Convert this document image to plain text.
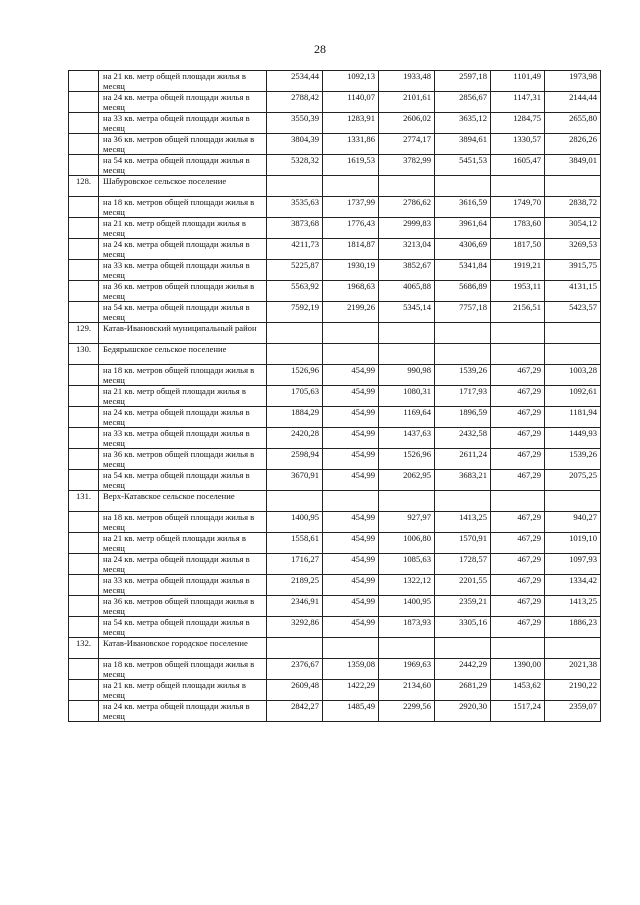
28
	на 21 кв. метр общей площади жилья в месяц	2534,44	1092,13	1933,48	2597,18	1101,49	1973,98
	на 24 кв. метра общей площади жилья в месяц	2788,42	1140,07	2101,61	2856,67	1147,31	2144,44
	на 33 кв. метра общей площади жилья в месяц	3550,39	1283,91	2606,02	3635,12	1284,75	2655,80
	на 36 кв. метров общей площади жилья в месяц	3804,39	1331,86	2774,17	3894,61	1330,57	2826,26
	на 54 кв. метра общей площади жилья в месяц	5328,32	1619,53	3782,99	5451,53	1605,47	3849,01
128.	Шабуровское сельское поселение						
	на 18 кв. метров общей площади жилья в месяц	3535,63	1737,99	2786,62	3616,59	1749,70	2838,72
	на 21 кв. метр общей площади жилья в месяц	3873,68	1776,43	2999,83	3961,64	1783,60	3054,12
	на 24 кв. метра общей площади жилья в месяц	4211,73	1814,87	3213,04	4306,69	1817,50	3269,53
	на 33 кв. метра общей площади жилья в месяц	5225,87	1930,19	3852,67	5341,84	1919,21	3915,75
	на 36 кв. метров общей площади жилья в месяц	5563,92	1968,63	4065,88	5686,89	1953,11	4131,15
	на 54 кв. метра общей площади жилья в месяц	7592,19	2199,26	5345,14	7757,18	2156,51	5423,57
129.	Катав-Ивановский муниципальный район						
130.	Бедярышское сельское поселение						
	на 18 кв. метров общей площади жилья в месяц	1526,96	454,99	990,98	1539,26	467,29	1003,28
	на 21 кв. метр общей площади жилья в месяц	1705,63	454,99	1080,31	1717,93	467,29	1092,61
	на 24 кв. метра общей площади жилья в месяц	1884,29	454,99	1169,64	1896,59	467,29	1181,94
	на 33 кв. метра общей площади жилья в месяц	2420,28	454,99	1437,63	2432,58	467,29	1449,93
	на 36 кв. метров общей площади жилья в месяц	2598,94	454,99	1526,96	2611,24	467,29	1539,26
	на 54 кв. метра общей площади жилья в месяц	3670,91	454,99	2062,95	3683,21	467,29	2075,25
131.	Верх-Катавское сельское поселение						
	на 18 кв. метров общей площади жилья в месяц	1400,95	454,99	927,97	1413,25	467,29	940,27
	на 21 кв. метр общей площади жилья в месяц	1558,61	454,99	1006,80	1570,91	467,29	1019,10
	на 24 кв. метра общей площади жилья в месяц	1716,27	454,99	1085,63	1728,57	467,29	1097,93
	на 33 кв. метра общей площади жилья в месяц	2189,25	454,99	1322,12	2201,55	467,29	1334,42
	на 36 кв. метров общей площади жилья в месяц	2346,91	454,99	1400,95	2359,21	467,29	1413,25
	на 54 кв. метра общей площади жилья в месяц	3292,86	454,99	1873,93	3305,16	467,29	1886,23
132.	Катав-Ивановское городское поселение						
	на 18 кв. метров общей площади жилья в месяц	2376,67	1359,08	1969,63	2442,29	1390,00	2021,38
	на 21 кв. метр общей площади жилья в месяц	2609,48	1422,29	2134,60	2681,29	1453,62	2190,22
	на 24 кв. метра общей площади жилья в месяц	2842,27	1485,49	2299,56	2920,30	1517,24	2359,07
